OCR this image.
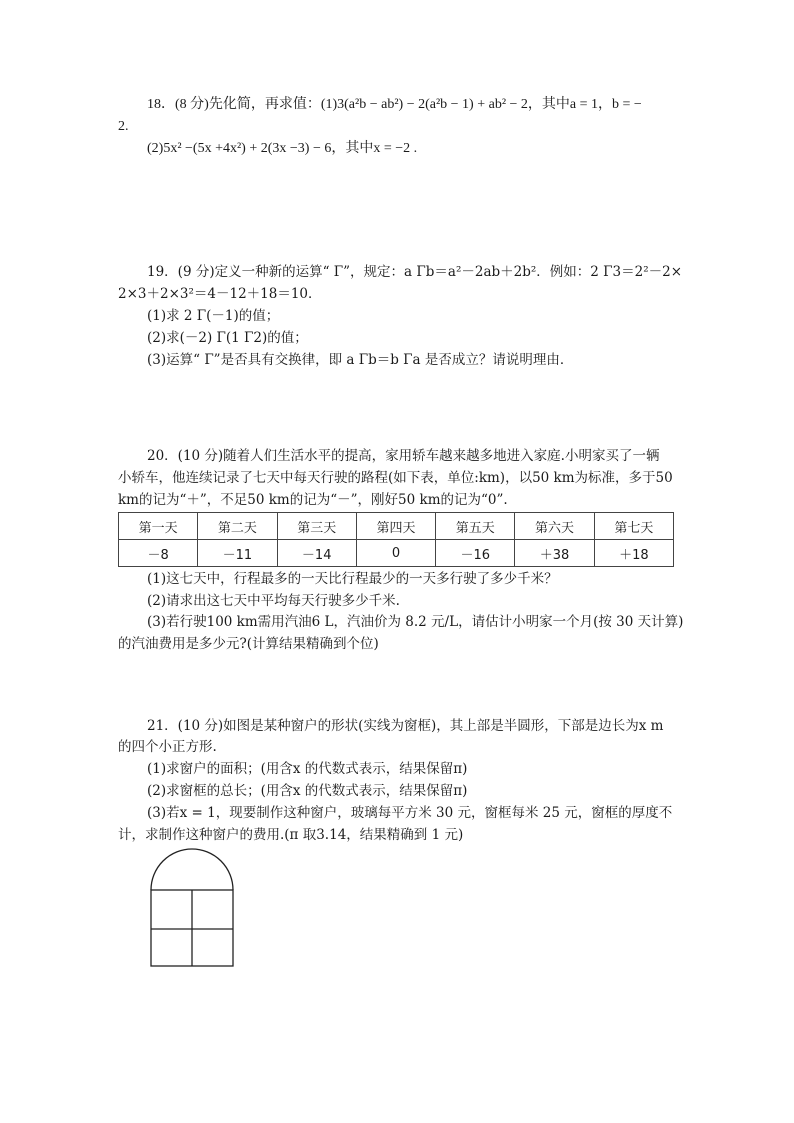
18．(8 分)先化简，再求值：(1)3(a²b − ab²) − 2(a²b − 1) + ab² − 2，其中a = 1，b = −
2.
(2)5x² −(5x +4x²) + 2(3x −3) − 6，其中x = −2 .
19．(9 分)定义一种新的运算“ Γ”，规定：a Γb＝a²－2ab＋2b²．例如：2 Γ3＝2²－2×
2×3＋2×3²＝4－12＋18＝10．
(1)求 2 Γ(－1)的值；
(2)求(－2) Γ(1 Γ2)的值；
(3)运算“ Γ”是否具有交换律，即 a Γb＝b Γa 是否成立？请说明理由．
20．(10 分)随着人们生活水平的提高，家用轿车越来越多地进入家庭.小明家买了一辆
小轿车，他连续记录了七天中每天行驶的路程(如下表，单位:km)，以50 km为标准，多于50
km的记为“＋”，不足50 km的记为“－”，刚好50 km的记为“0”.
第一天	第二天	第三天	第四天	第五天	第六天	第七天
－8	－11	－14	0	－16	＋38	＋18
(1)这七天中，行程最多的一天比行程最少的一天多行驶了多少千米？
(2)请求出这七天中平均每天行驶多少千米.
(3)若行驶100 km需用汽油6 L，汽油价为 8.2 元/L，请估计小明家一个月(按 30 天计算)
的汽油费用是多少元?(计算结果精确到个位)
21．(10 分)如图是某种窗户的形状(实线为窗框)，其上部是半圆形，下部是边长为x m
的四个小正方形.
(1)求窗户的面积；(用含x 的代数式表示，结果保留π)
(2)求窗框的总长；(用含x 的代数式表示，结果保留π)
(3)若x = 1，现要制作这种窗户，玻璃每平方米 30 元，窗框每米 25 元，窗框的厚度不
计，求制作这种窗户的费用.(π 取3.14，结果精确到 1 元)
